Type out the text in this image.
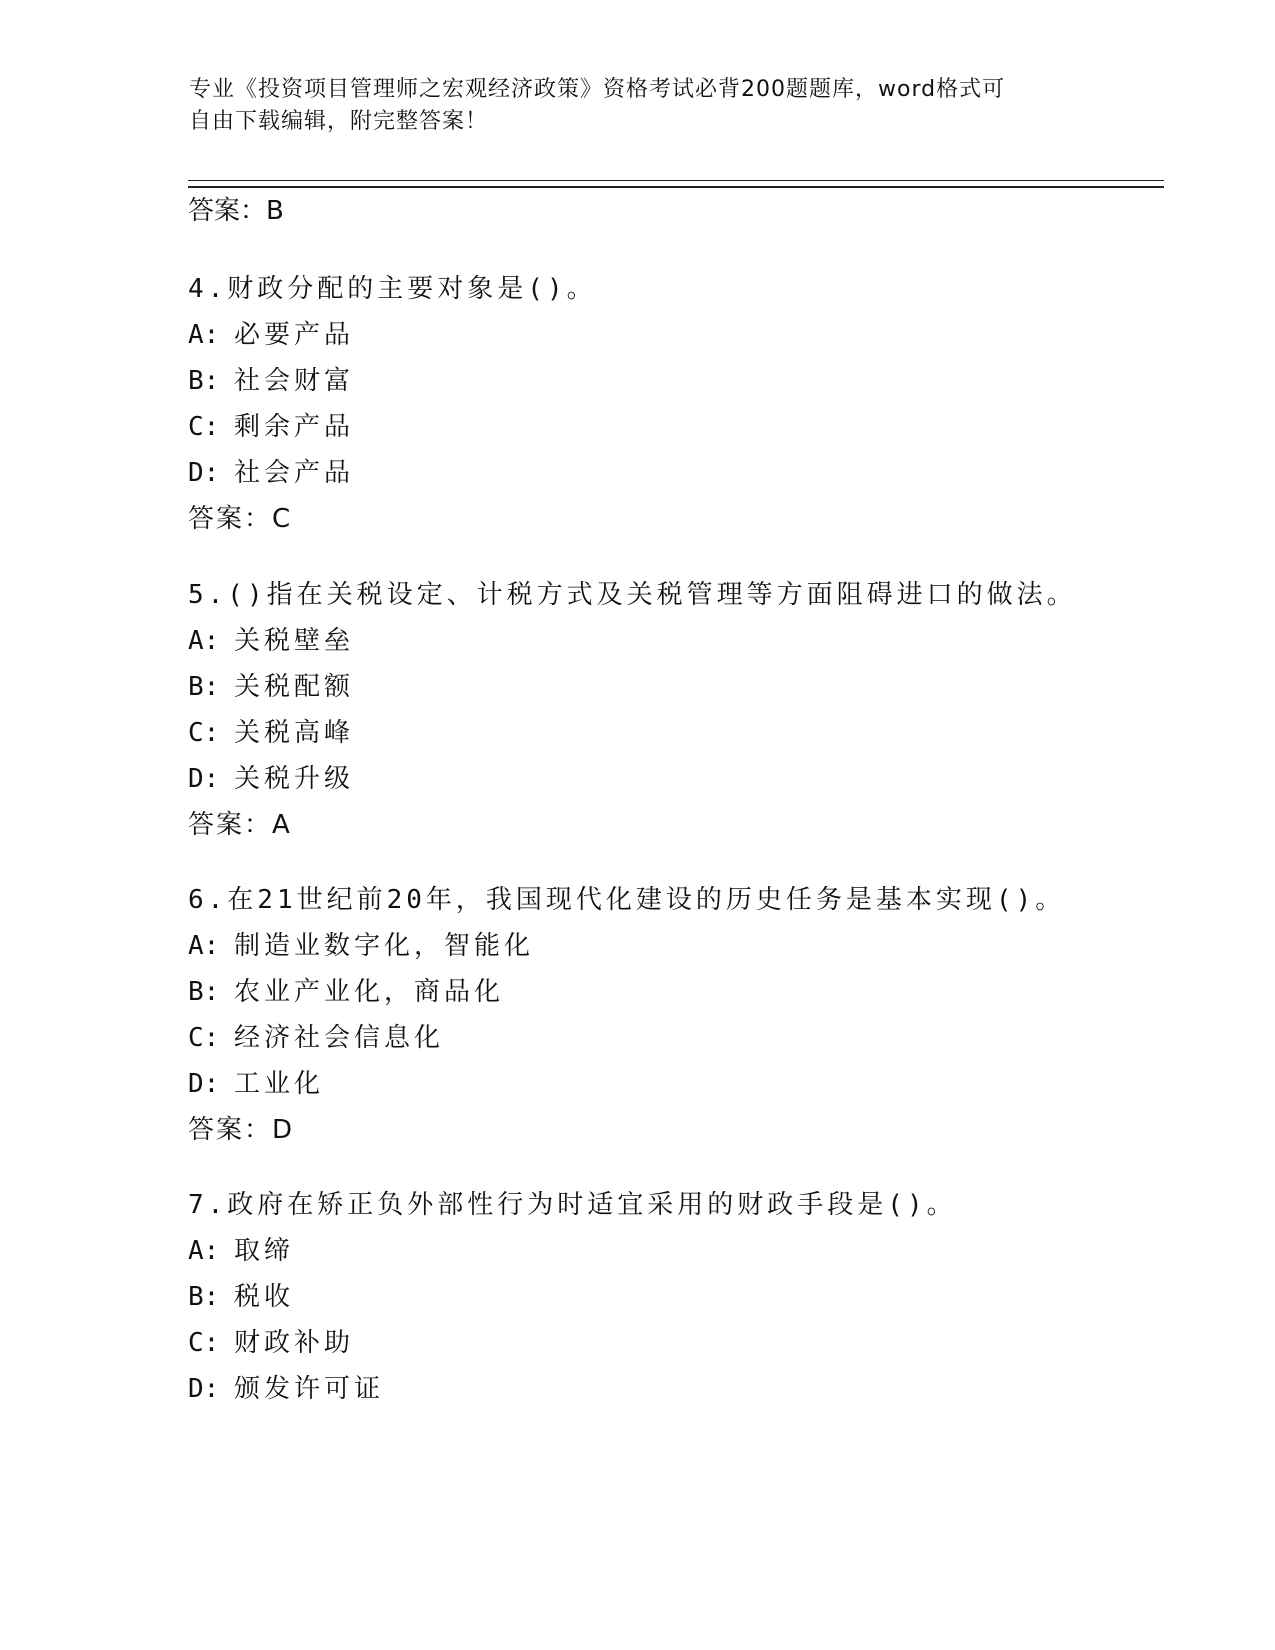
专业《投资项目管理师之宏观经济政策》资格考试必背200题题库，word格式可
自由下载编辑，附完整答案！
答案：B
4.财政分配的主要对象是()。
A: 必要产品
B: 社会财富
C: 剩余产品
D: 社会产品
答案：C
5.()指在关税设定、计税方式及关税管理等方面阻碍进口的做法。
A: 关税壁垒
B: 关税配额
C: 关税高峰
D: 关税升级
答案：A
6.在21世纪前20年，我国现代化建设的历史任务是基本实现()。
A: 制造业数字化，智能化
B: 农业产业化，商品化
C: 经济社会信息化
D: 工业化
答案：D
7.政府在矫正负外部性行为时适宜采用的财政手段是()。
A: 取缔
B: 税收
C: 财政补助
D: 颁发许可证
